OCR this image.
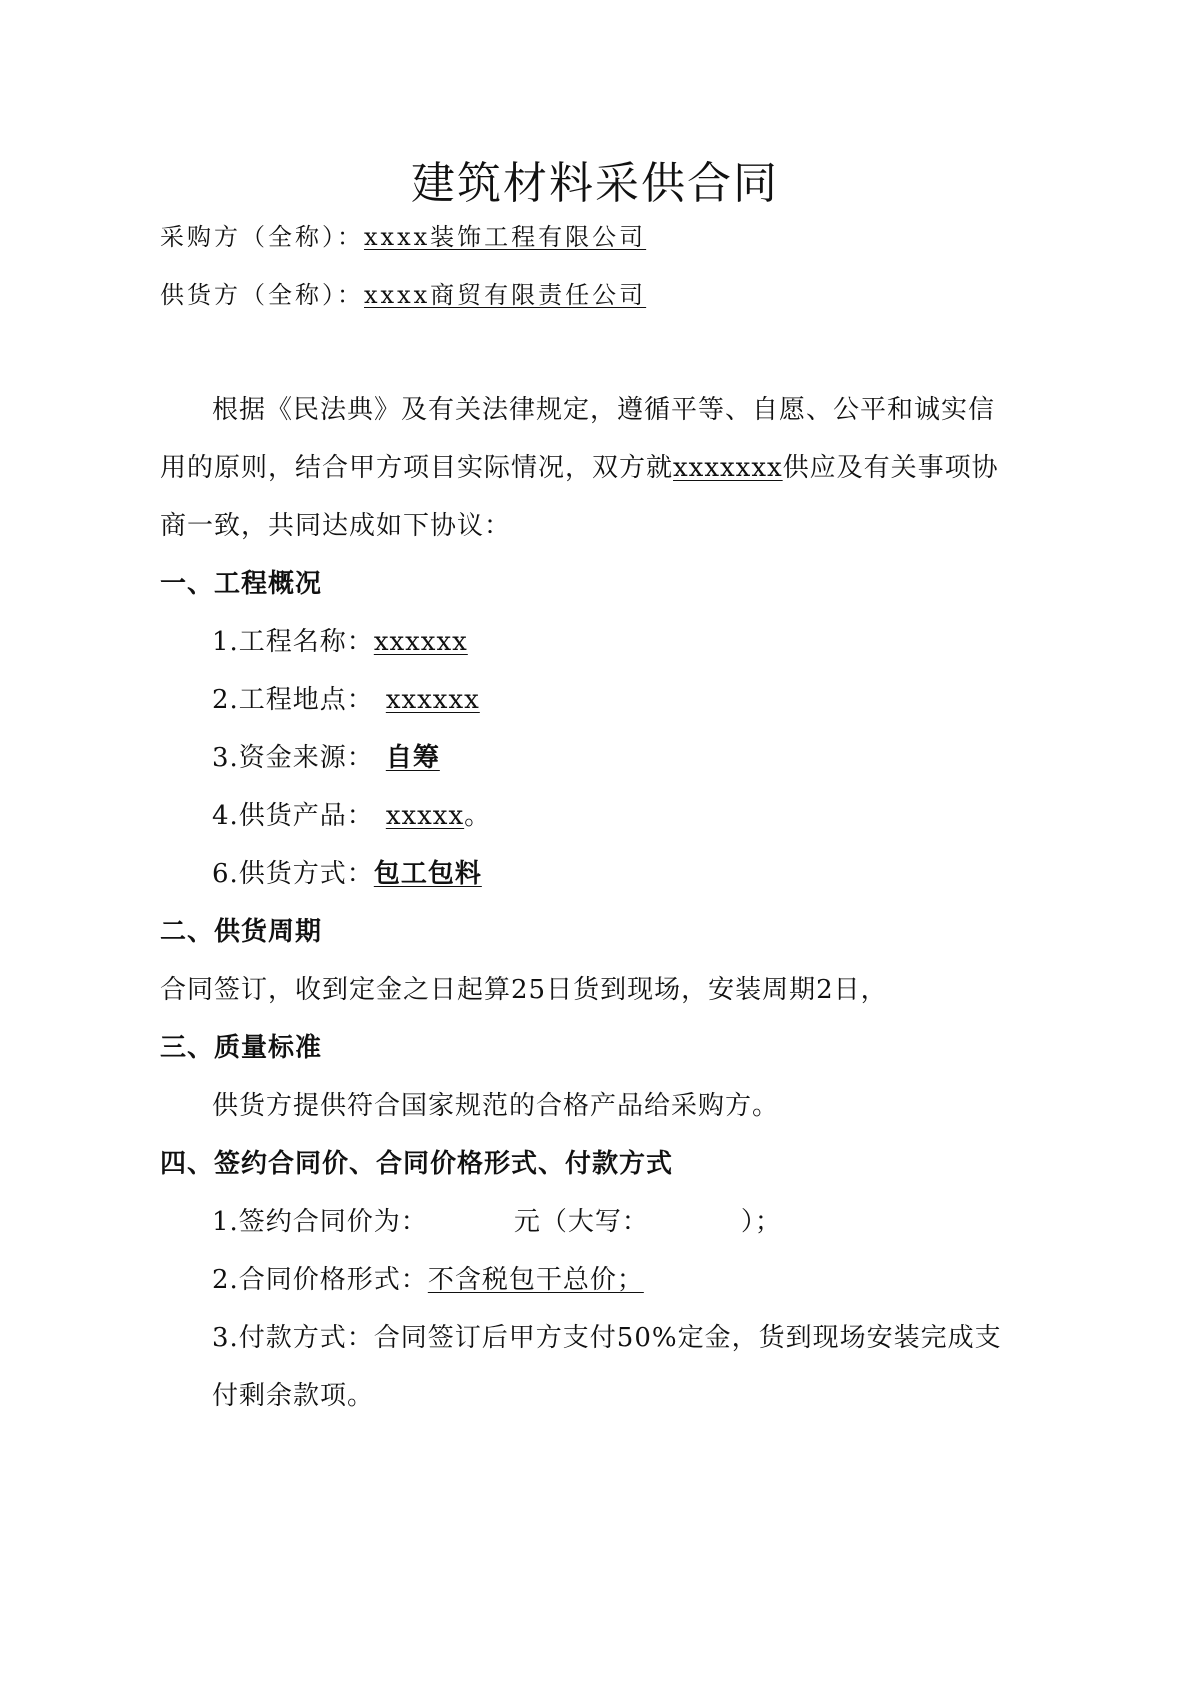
建筑材料采供合同
采购方（全称）：xxxx装饰工程有限公司
供货方（全称）：xxxx商贸有限责任公司
根据《民法典》及有关法律规定，遵循平等、自愿、公平和诚实信
用的原则，结合甲方项目实际情况，双方就xxxxxxx供应及有关事项协
商一致，共同达成如下协议：
一、工程概况
1.工程名称：xxxxxx
2.工程地点： xxxxxx
3.资金来源： 自筹
4.供货产品： xxxxx。
6.供货方式：包工包料
二、供货周期
合同签订，收到定金之日起算25日货到现场，安装周期2日，
三、质量标准
供货方提供符合国家规范的合格产品给采购方。
四、签约合同价、合同价格形式、付款方式
1.签约合同价为：	元（大写：	）；
2.合同价格形式：不含税包干总价；
3.付款方式：合同签订后甲方支付50%定金，货到现场安装完成支
付剩余款项。
